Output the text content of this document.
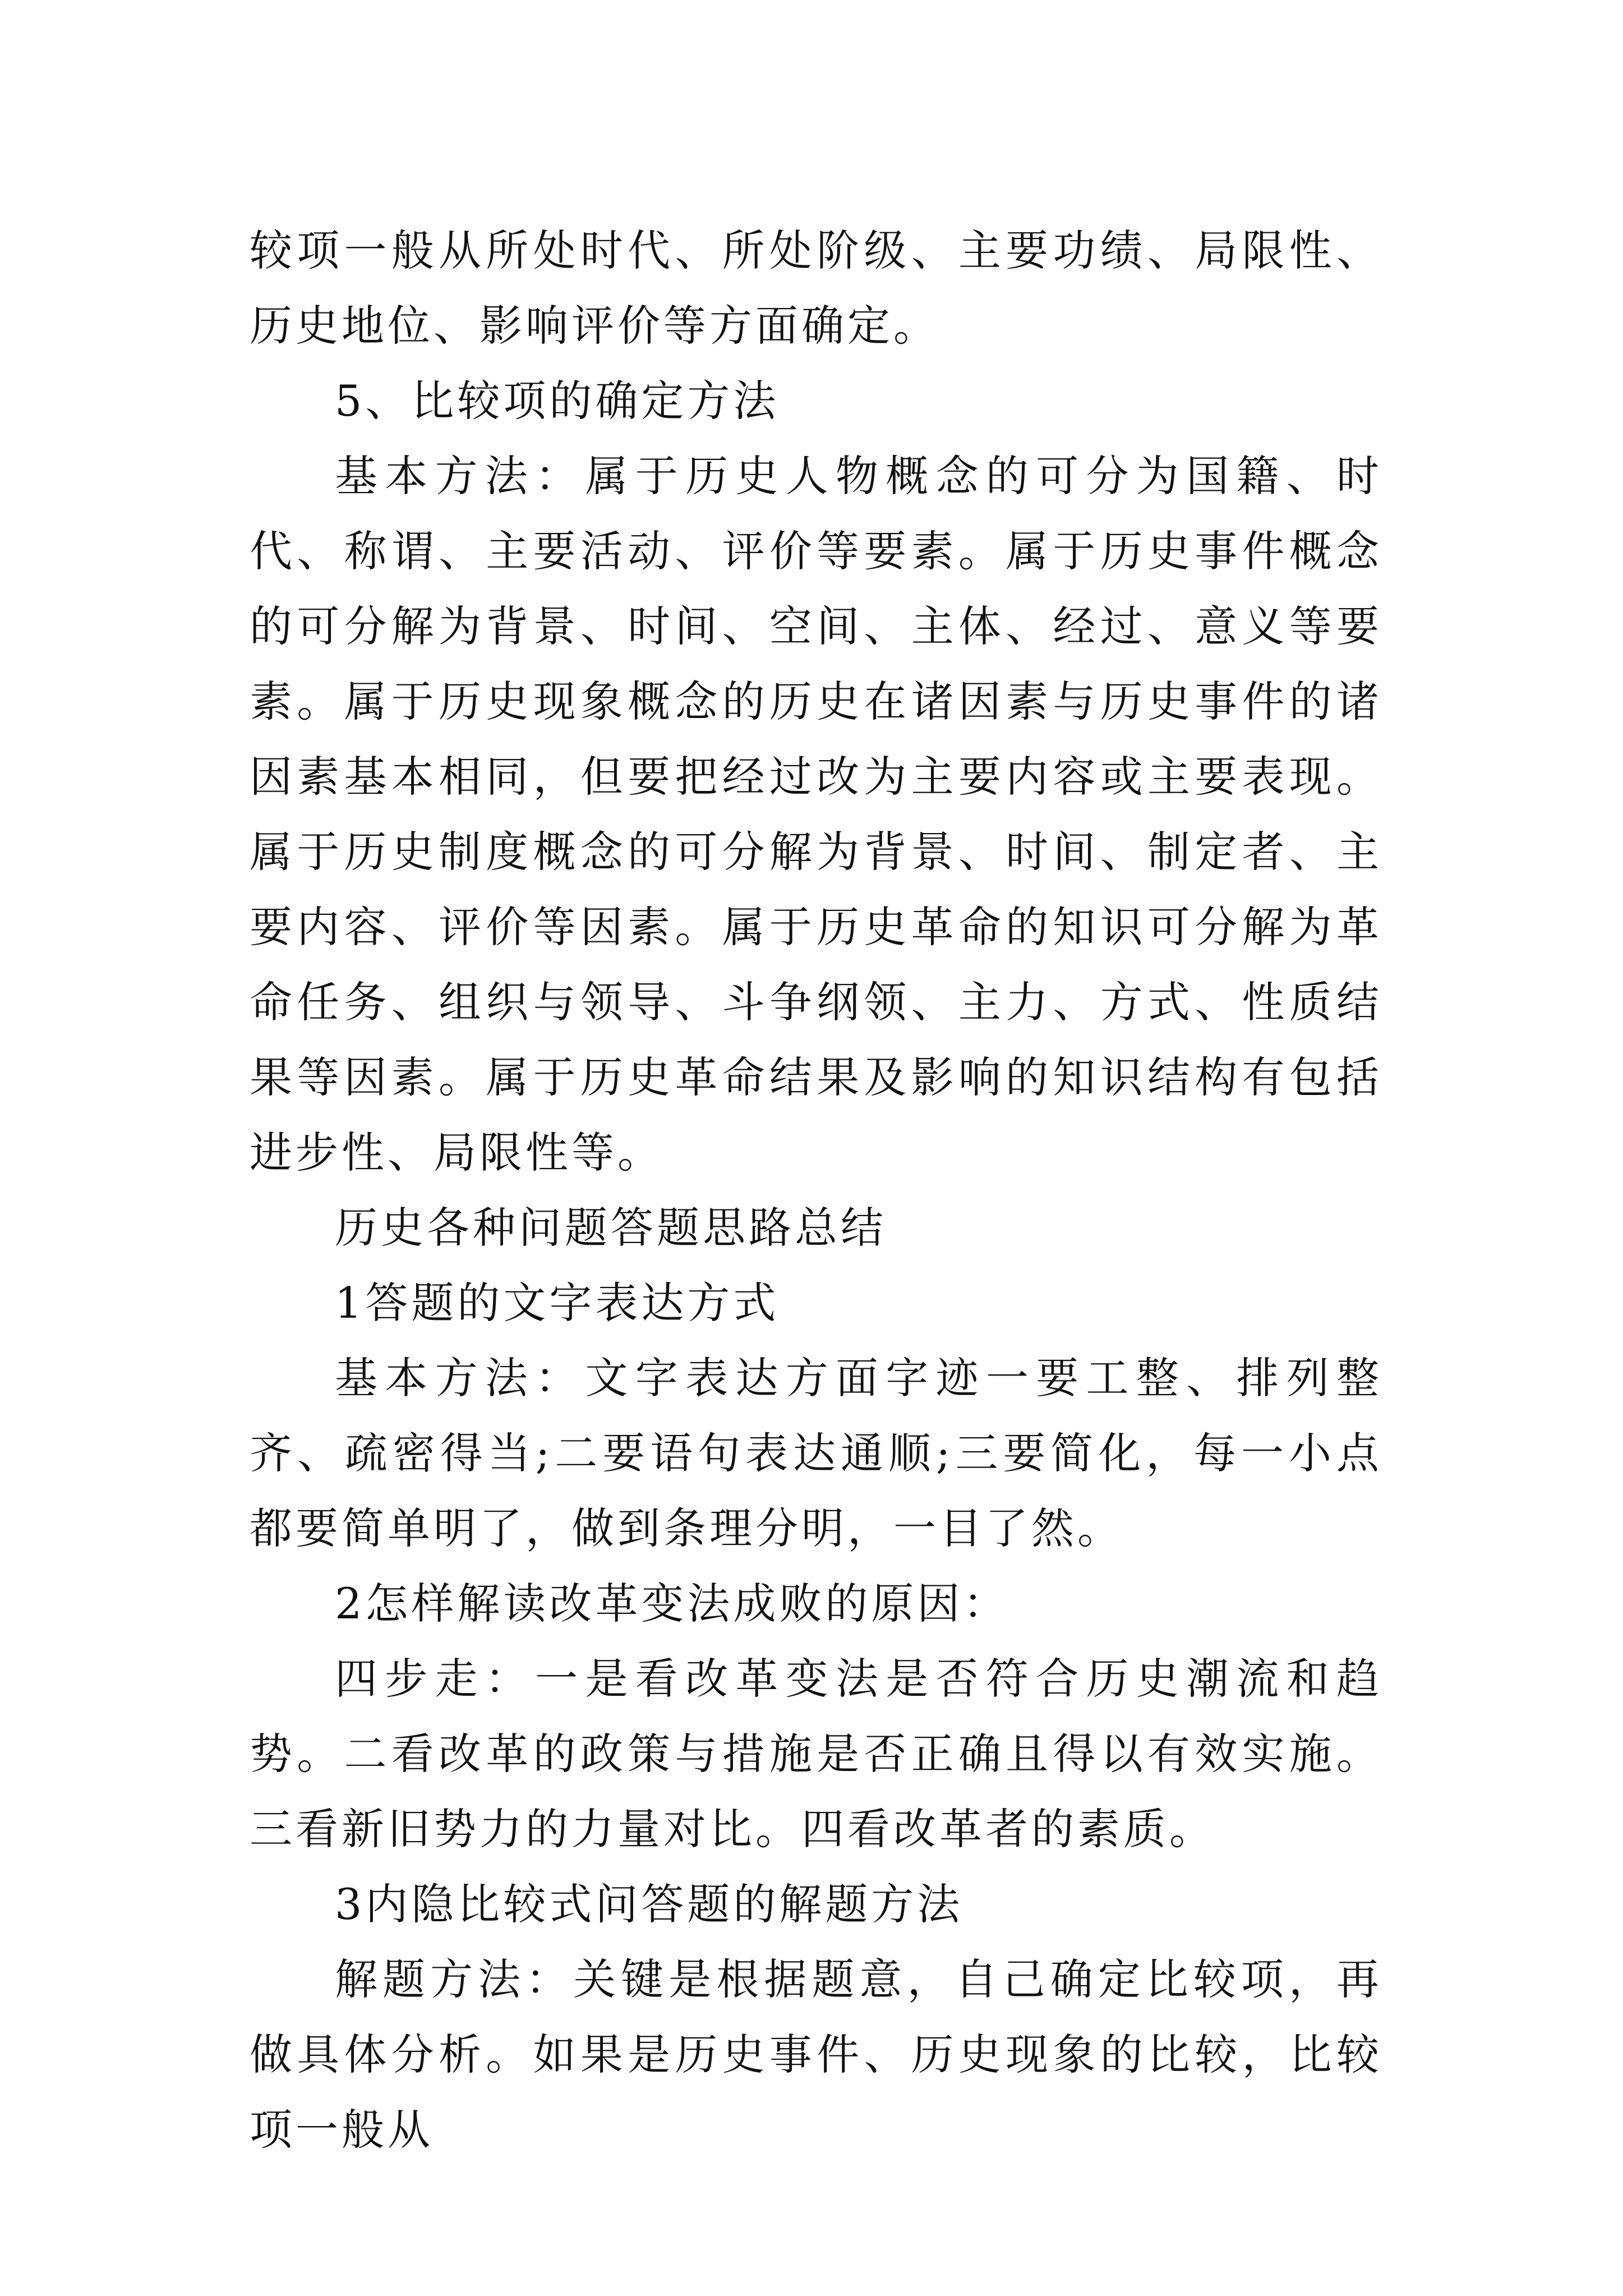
较项一般从所处时代、所处阶级、主要功绩、局限性、历史地位、影响评价等方面确定。

5、比较项的确定方法

基本方法：属于历史人物概念的可分为国籍、时代、称谓、主要活动、评价等要素。属于历史事件概念的可分解为背景、时间、空间、主体、经过、意义等要素。属于历史现象概念的历史在诸因素与历史事件的诸因素基本相同，但要把经过改为主要内容或主要表现。属于历史制度概念的可分解为背景、时间、制定者、主要内容、评价等因素。属于历史革命的知识可分解为革命任务、组织与领导、斗争纲领、主力、方式、性质结果等因素。属于历史革命结果及影响的知识结构有包括进步性、局限性等。

历史各种问题答题思路总结

1答题的文字表达方式

基本方法：文字表达方面字迹一要工整、排列整齐、疏密得当;二要语句表达通顺;三要简化，每一小点都要简单明了，做到条理分明，一目了然。

2怎样解读改革变法成败的原因：

四步走：一是看改革变法是否符合历史潮流和趋势。二看改革的政策与措施是否正确且得以有效实施。三看新旧势力的力量对比。四看改革者的素质。

3内隐比较式问答题的解题方法

解题方法：关键是根据题意，自己确定比较项，再做具体分析。如果是历史事件、历史现象的比较，比较项一般从
